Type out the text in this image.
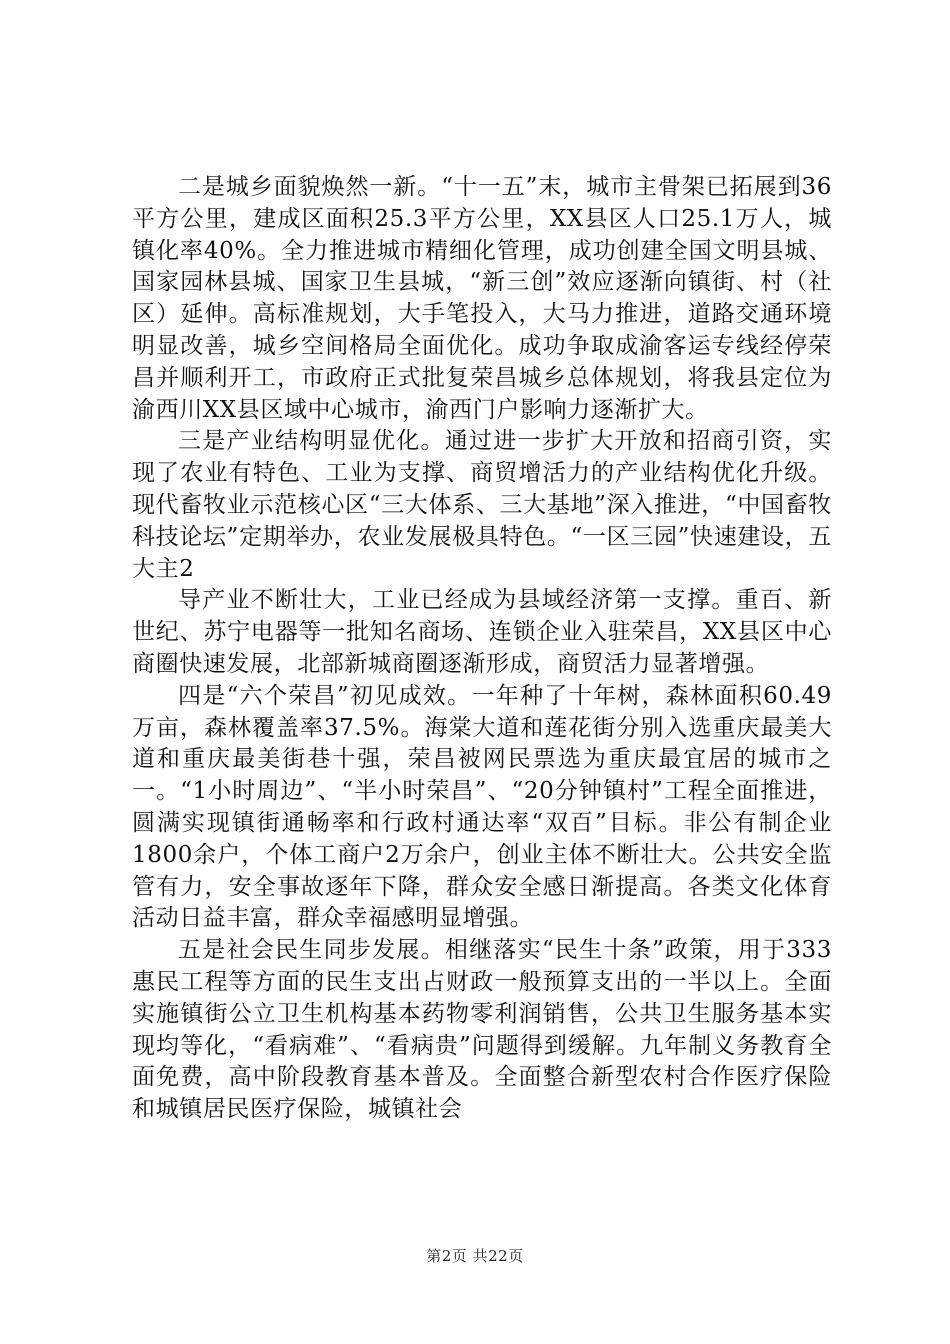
二是城乡面貌焕然一新。“十一五”末，城市主骨架已拓展到36平方公里，建成区面积25.3平方公里，XX县区人口25.1万人，城镇化率40%。全力推进城市精细化管理，成功创建全国文明县城、国家园林县城、国家卫生县城，“新三创”效应逐渐向镇街、村（社区）延伸。高标准规划，大手笔投入，大马力推进，道路交通环境明显改善，城乡空间格局全面优化。成功争取成渝客运专线经停荣昌并顺利开工，市政府正式批复荣昌城乡总体规划，将我县定位为渝西川XX县区域中心城市，渝西门户影响力逐渐扩大。

三是产业结构明显优化。通过进一步扩大开放和招商引资，实现了农业有特色、工业为支撑、商贸增活力的产业结构优化升级。现代畜牧业示范核心区“三大体系、三大基地”深入推进，“中国畜牧科技论坛”定期举办，农业发展极具特色。“一区三园”快速建设，五大主2

导产业不断壮大，工业已经成为县域经济第一支撑。重百、新世纪、苏宁电器等一批知名商场、连锁企业入驻荣昌，XX县区中心商圈快速发展，北部新城商圈逐渐形成，商贸活力显著增强。

四是“六个荣昌”初见成效。一年种了十年树，森林面积60.49万亩，森林覆盖率37.5%。海棠大道和莲花街分别入选重庆最美大道和重庆最美街巷十强，荣昌被网民票选为重庆最宜居的城市之一。“1小时周边”、“半小时荣昌”、“20分钟镇村”工程全面推进，圆满实现镇街通畅率和行政村通达率“双百”目标。非公有制企业1800余户，个体工商户2万余户，创业主体不断壮大。公共安全监管有力，安全事故逐年下降，群众安全感日渐提高。各类文化体育活动日益丰富，群众幸福感明显增强。

五是社会民生同步发展。相继落实“民生十条”政策，用于333惠民工程等方面的民生支出占财政一般预算支出的一半以上。全面实施镇街公立卫生机构基本药物零利润销售，公共卫生服务基本实现均等化，“看病难”、“看病贵”问题得到缓解。九年制义务教育全面免费，高中阶段教育基本普及。全面整合新型农村合作医疗保险和城镇居民医疗保险，城镇社会

第2页 共22页
